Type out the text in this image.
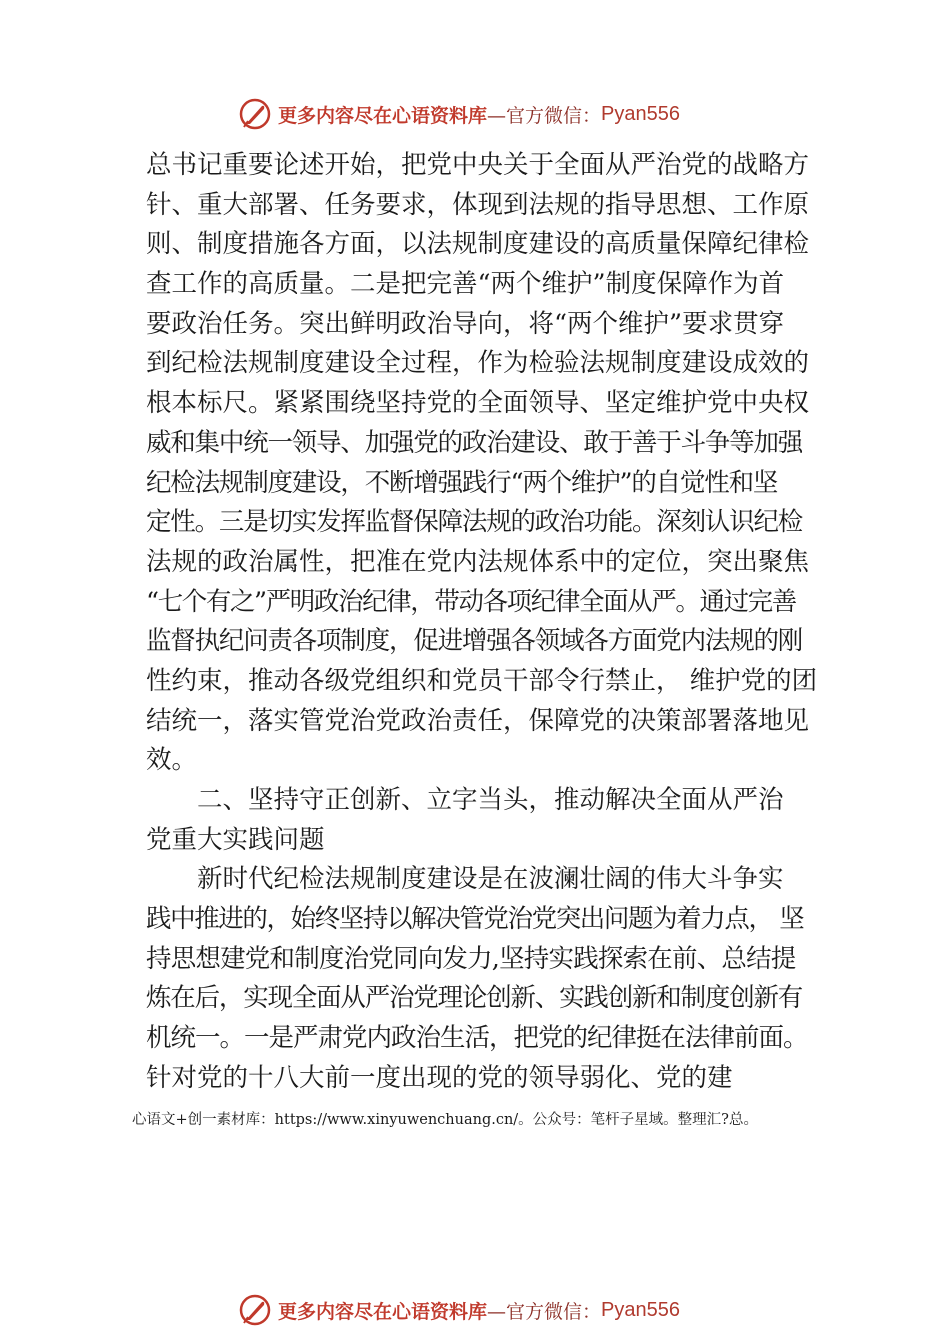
更多内容尽在心语资料库 —官方微信： Pyan556
总书记重要论述开始，把党中央关于全面从严治党的战略方
针、重大部署、任务要求，体现到法规的指导思想、工作原
则、制度措施各方面，以法规制度建设的高质量保障纪律检
查工作的高质量。二是把完善“两个维护”制度保障作为首
要政治任务。突出鲜明政治导向，将“两个维护”要求贯穿
到纪检法规制度建设全过程，作为检验法规制度建设成效的
根本标尺。紧紧围绕坚持党的全面领导、坚定维护党中央权
威和集中统一领导、加强党的政治建设、敢于善于斗争等加强
纪检法规制度建设，不断增强践行“两个维护”的自觉性和坚
定性。三是切实发挥监督保障法规的政治功能。深刻认识纪检
法规的政治属性，把准在党内法规体系中的定位，突出聚焦
“七个有之”严明政治纪律，带动各项纪律全面从严。通过完善
监督执纪问责各项制度，促进增强各领域各方面党内法规的刚
性约束，推动各级党组织和党员干部令行禁止， 维护党的团
结统一，落实管党治党政治责任，保障党的决策部署落地见
效。
二、坚持守正创新、立字当头，推动解决全面从严治
党重大实践问题
新时代纪检法规制度建设是在波澜壮阔的伟大斗争实
践中推进的，始终坚持以解决管党治党突出问题为着力点， 坚
持思想建党和制度治党同向发力,坚持实践探索在前、总结提
炼在后，实现全面从严治党理论创新、实践创新和制度创新有
机统一。一是严肃党内政治生活，把党的纪律挺在法律前面。
针对党的十八大前一度出现的党的领导弱化、党的建
心语文+创一素材库：https://www.xinyuwenchuang.cn/。公众号：笔杆子星域。整理汇?总。
更多内容尽在心语资料库 —官方微信： Pyan556
